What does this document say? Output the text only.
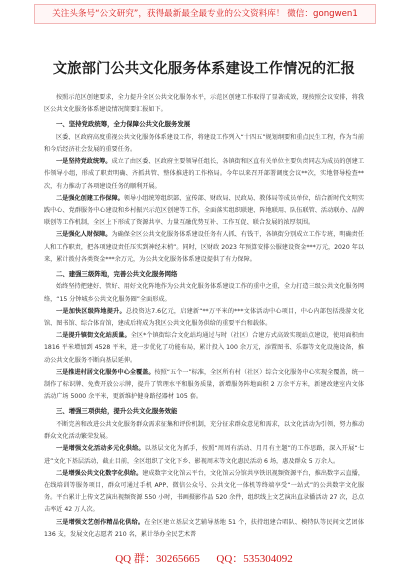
关注头条号“公文研究”，获得最新最全最专业的公文资料库！ 微信：gongwen1
文旅部门公共文化服务体系建设工作情况的汇报

按照示范区创建要求，全力提升全区公共文化服务水平，示范区创建工作取得了显著成效，现按照会议安排，将我区公共文化服务体系建设情况简要汇报如下。

一、坚持党政统筹，全力保障公共文化服务发展

区委、区政府高度重视公共文化服务体系建设工作，将建设工作列入“十四五”规划纲要和重点民生工程，作为当前和今后经济社会发展的重要任务。

一是坚持党政统筹。成立了由区委、区政府主要领导任组长，各镇街和区直有关单位主要负责同志为成员的创建工作领导小组，形成了职责明确、齐抓共管、整体推进的工作格局。今年以来召开部署调度会议**次，实地督导检查**次，有力推动了各项建设任务的顺利开展。

二是强化创建工作保障。领导小组统筹组织部、宣传部、财政局、民政局、教体局等成员单位，结合新时代文明实践中心、党群服务中心建设和乡村振兴示范区创建等工作，全面落实组织联建、阵地联用、队伍联管、活动联办、品牌联创等工作机制，全区上下形成了资源共享、力量互融优势互补、工作互促、联合发展的浓厚氛围。

三是强化人财保障。为确保全区公共文化服务体系建设任务有人抓、有钱干，各镇街分别成立工作专班，明确责任人和工作职责，把各项建设责任压实到神经末梢”。同时，区财政 2023 年预算安排公服建设资金***万元，2020 年以来，累计拨付各类资金***余万元，为公共文化服务体系建设提供了有力保障。

二、建强三级阵地，完善公共文化服务网络

始终坚持把建好、管好、用好文化阵地作为公共文化服务体系建设工作的重中之重，全力打造三级公共文化服务网络，“15 分钟城乡公共文化服务圈”全面形成。

一是加快区级阵地提升。总投资达7.6亿元，启建新“**万平米的***文体活动中心项目，中心内部包括漫游文化馆、图书馆、综合体育馆，建成后将成为我区公共文化服务供给的重要平台和载体。

二是提升镇街文化站质量。全区*个镇街综合文化站均通过与时（社区）合建方式高效实现站点建设，使用面积由 1816 平米增加到 4528 平米，进一步优化了功能布局，累计投入 100 余万元，添置图书、乐器等文化设施设备，推动公共文化服务不断向基层延伸。

三是推进村居文化服务中心全覆盖。按照“五个一”标准，全区所有村（社区）综合文化服务中心实现全覆盖，统一制作了标识牌、免费开放公示牌，提升了管理水平和服务质量，新增服务阵地面积 2 万余平方米，新建改建室内文体活动广场 5000 余平米，更新维护健身路径器材 105 套。

三、增强三项供给，提升公共文化服务效能

不断完善和改进公共文化服务群众需求征集和评价机制，充分征求群众意见和需求，以文化活动为引领，努力推动群众文化活动繁荣发展。

一是增强文化活动多元化供给。以基层文化为抓手，按照“周周有活动、月月有主题”的工作思路，深入开展“七进”文化下基层活动，截止目前，全区组织了文化下乡、影视周末等文化惠民活动 6 场，惠及群众 5 万余人。

二是增强公共文化数字化供给。建成数字文化馆云平台，文化馆云分馆共享铁讯视频资源平台，推出数字云直播，在线培训等服务项目，群众可通过手机 APP、微信公众号、公共文化一体机等终端享受“一站式”的公共数字文化服务。平台累计上传文艺演出视频资源 550 小时，书画摄影作品 520 余件，组织线上文艺演出直录播活动 27 次，总点击率近 42 万人次。

三是增强文艺创作精品化供给。在全区建立基层文艺辅导基地 51 个，扶持组建合唱队、模特队等民间文艺团体 136 支，发展文化志愿者 210 名，累计举办全民艺术普

QQ 群：30265665 QQ：535304092
